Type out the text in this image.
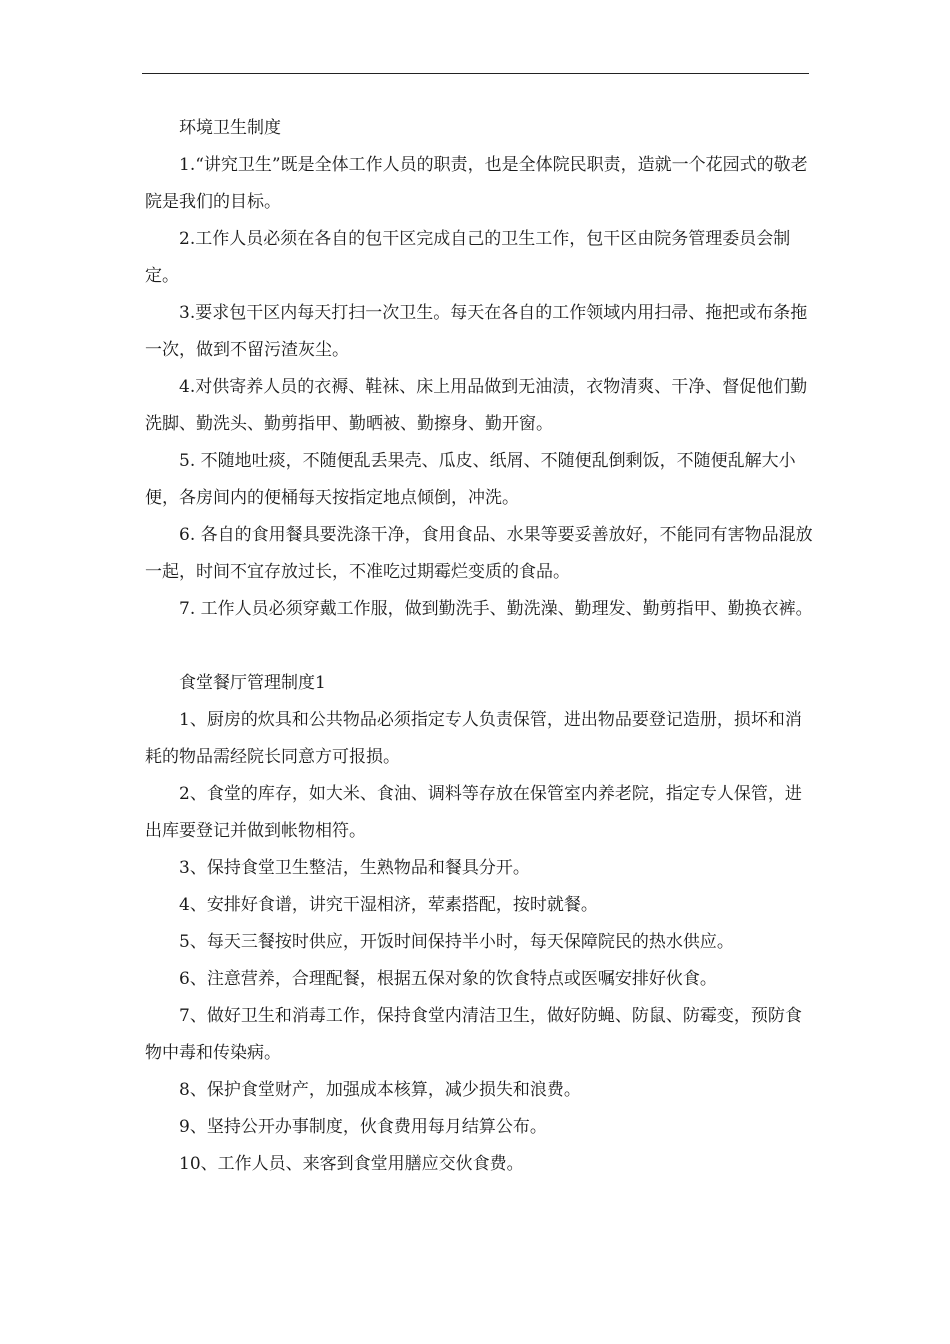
环境卫生制度

1.“讲究卫生”既是全体工作人员的职责，也是全体院民职责，造就一个花园式的敬老院是我们的目标。

2.工作人员必须在各自的包干区完成自己的卫生工作，包干区由院务管理委员会制定。

3.要求包干区内每天打扫一次卫生。每天在各自的工作领域内用扫帚、拖把或布条拖一次，做到不留污渣灰尘。

4.对供寄养人员的衣褥、鞋袜、床上用品做到无油渍，衣物清爽、干净、督促他们勤洗脚、勤洗头、勤剪指甲、勤晒被、勤擦身、勤开窗。

5. 不随地吐痰，不随便乱丢果壳、瓜皮、纸屑、不随便乱倒剩饭，不随便乱解大小便，各房间内的便桶每天按指定地点倾倒，冲洗。

6. 各自的食用餐具要洗涤干净，食用食品、水果等要妥善放好，不能同有害物品混放一起，时间不宜存放过长，不准吃过期霉烂变质的食品。

7. 工作人员必须穿戴工作服，做到勤洗手、勤洗澡、勤理发、勤剪指甲、勤换衣裤。

食堂餐厅管理制度1

1、厨房的炊具和公共物品必须指定专人负责保管，进出物品要登记造册，损坏和消耗的物品需经院长同意方可报损。

2、食堂的库存，如大米、食油、调料等存放在保管室内养老院，指定专人保管，进出库要登记并做到帐物相符。

3、保持食堂卫生整洁，生熟物品和餐具分开。

4、安排好食谱，讲究干湿相济，荤素搭配，按时就餐。

5、每天三餐按时供应，开饭时间保持半小时，每天保障院民的热水供应。

6、注意营养，合理配餐，根据五保对象的饮食特点或医嘱安排好伙食。

7、做好卫生和消毒工作，保持食堂内清洁卫生，做好防蝇、防鼠、防霉变，预防食物中毒和传染病。

8、保护食堂财产，加强成本核算，减少损失和浪费。

9、坚持公开办事制度，伙食费用每月结算公布。

10、工作人员、来客到食堂用膳应交伙食费。
